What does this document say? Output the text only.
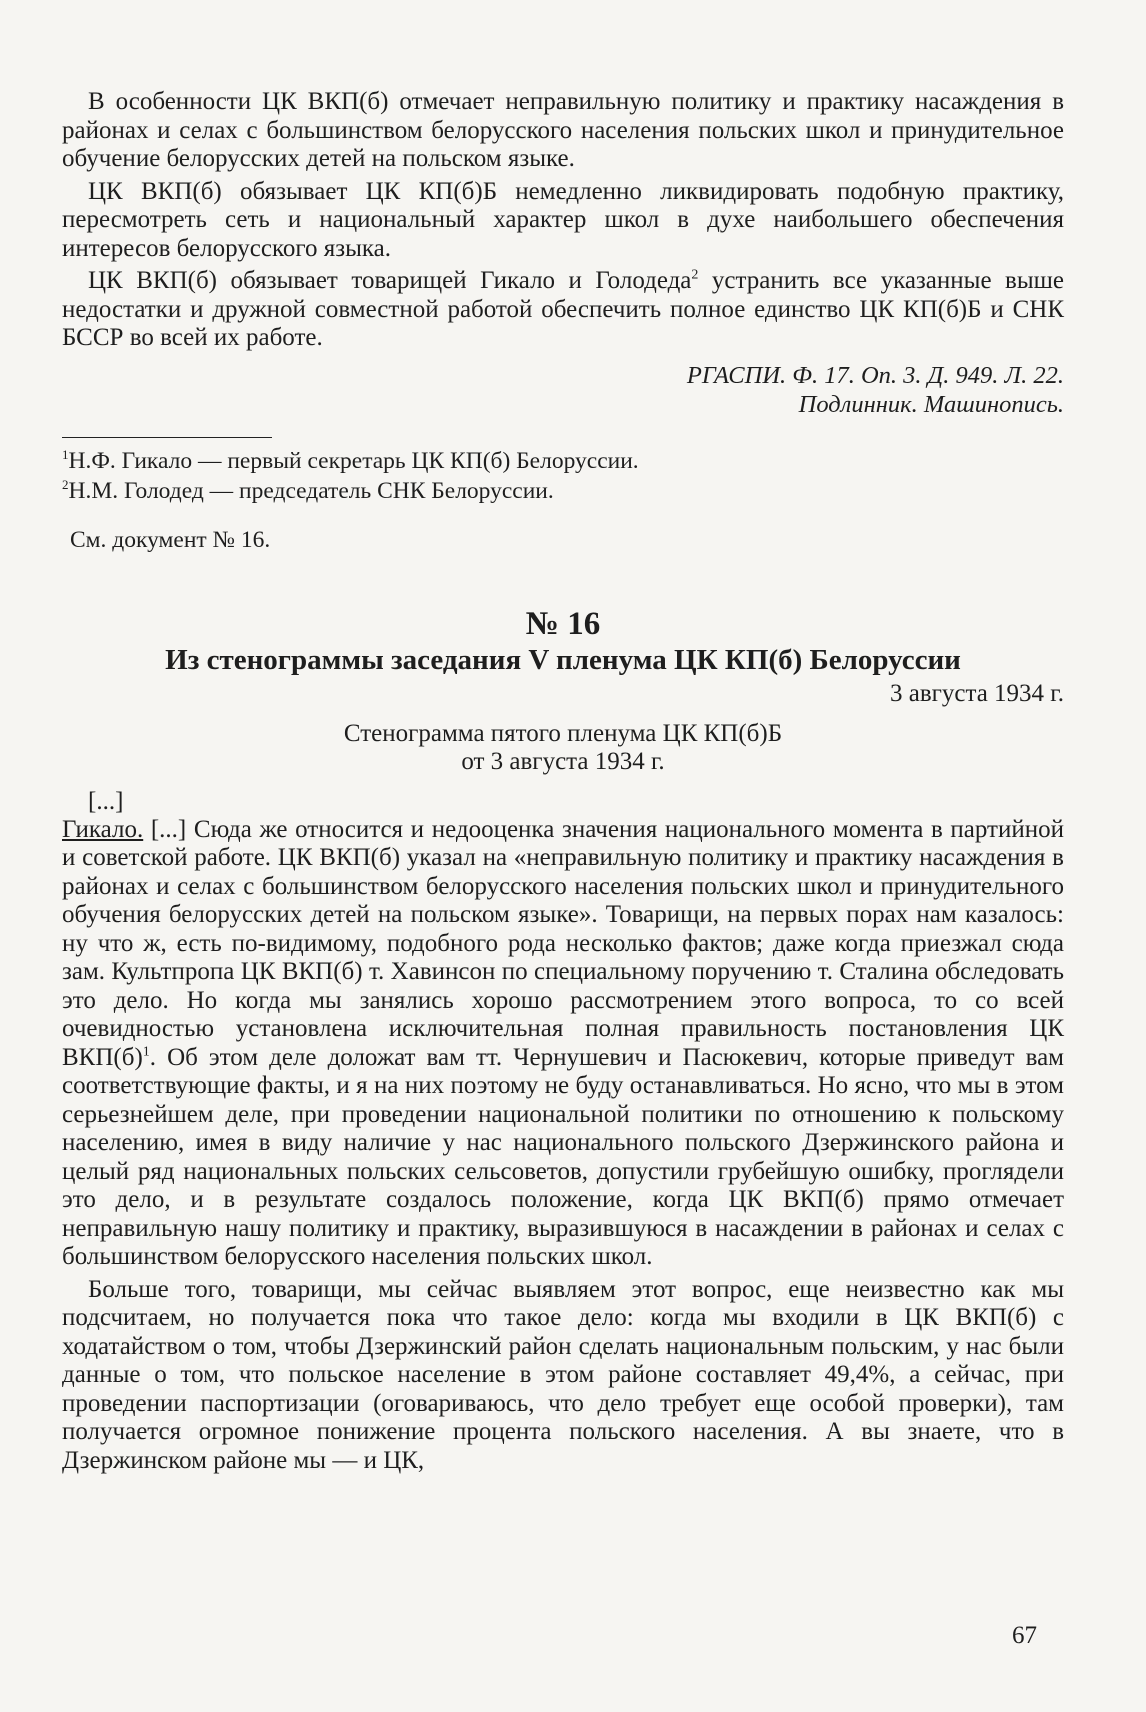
В особенности ЦК ВКП(б) отмечает неправильную политику и практику насаждения в районах и селах с большинством белорусского населения польских школ и принудительное обучение белорусских детей на польском языке.

ЦК ВКП(б) обязывает ЦК КП(б)Б немедленно ликвидировать подобную практику, пересмотреть сеть и национальный характер школ в духе наибольшего обеспечения интересов белорусского языка.

ЦК ВКП(б) обязывает товарищей Гикало и Голодеда$^2$ устранить все указанные выше недостатки и дружной совместной работой обеспечить полное единство ЦК КП(б)Б и СНК БССР во всей их работе.

РГАСПИ. Ф. 17. Оп. 3. Д. 949. Л. 22.
Подлинник. Машинопись.

$^1$Н.Ф. Гикало — первый секретарь ЦК КП(б) Белоруссии.

$^2$Н.М. Голодед — председатель СНК Белоруссии.

См. документ № 16.

№ 16

Из стенограммы заседания V пленума ЦК КП(б) Белоруссии

3 августа 1934 г.

Стенограмма пятого пленума ЦК КП(б)Б
от 3 августа 1934 г.

[...]

Гикало. [...] Сюда же относится и недооценка значения национального момента в партийной и советской работе. ЦК ВКП(б) указал на «неправильную политику и практику насаждения в районах и селах с большинством белорусского населения польских школ и принудительного обучения белорусских детей на польском языке». Товарищи, на первых порах нам казалось: ну что ж, есть по-видимому, подобного рода несколько фактов; даже когда приезжал сюда зам. Культпропа ЦК ВКП(б) т. Хавинсон по специальному поручению т. Сталина обследовать это дело. Но когда мы занялись хорошо рассмотрением этого вопроса, то со всей очевидностью установлена исключительная полная правильность постановления ЦК $ВКП(б)^1$. Об этом деле доложат вам тт. Чернушевич и Пасюкевич, которые приведут вам соответствующие факты, и я на них поэтому не буду останавливаться. Но ясно, что мы в этом серьезнейшем деле, при проведении национальной политики по отношению к польскому населению, имея в виду наличие у нас национального польского Дзержинского района и целый ряд национальных польских сельсоветов, допустили грубейшую ошибку, проглядели это дело, и в результате создалось положение, когда ЦК ВКП(б) прямо отмечает неправильную нашу политику и практику, выразившуюся в насаждении в районах и селах с большинством белорусского населения польских школ.

Больше того, товарищи, мы сейчас выявляем этот вопрос, еще неизвестно как мы подсчитаем, но получается пока что такое дело: когда мы входили в ЦК ВКП(б) с ходатайством о том, чтобы Дзержинский район сделать национальным польским, у нас были данные о том, что польское население в этом районе составляет 49,4%, а сейчас, при проведении паспортизации (оговариваюсь, что дело требует еще особой проверки), там получается огромное понижение процента польского населения. А вы знаете, что в Дзержинском районе мы — и ЦК,

67
